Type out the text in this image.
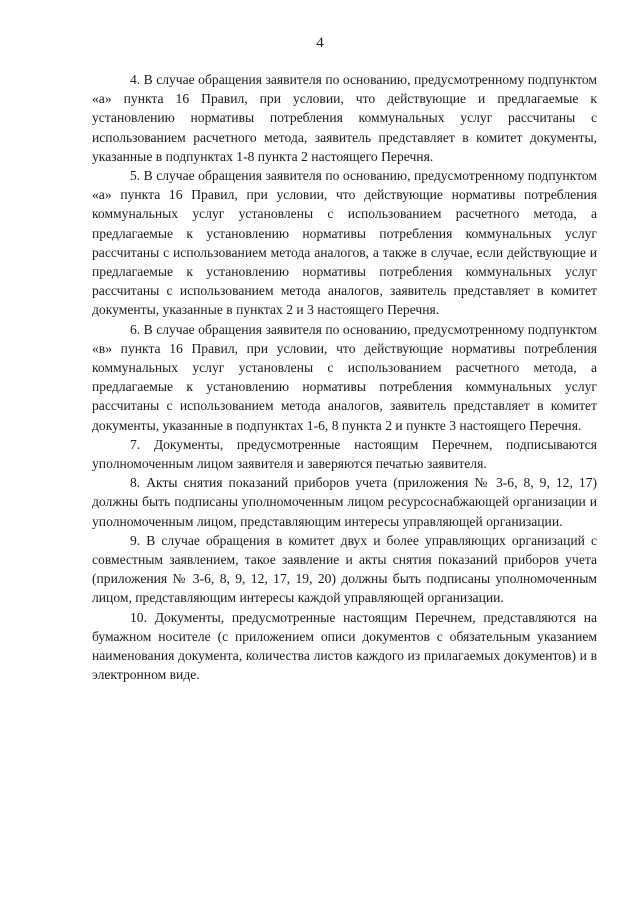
4

4. В случае обращения заявителя по основанию, предусмотренному подпунктом «а» пункта 16 Правил, при условии, что действующие и предлагаемые к установлению нормативы потребления коммунальных услуг рассчитаны с использованием расчетного метода, заявитель представляет в комитет документы, указанные в подпунктах 1-8 пункта 2 настоящего Перечня.

5. В случае обращения заявителя по основанию, предусмотренному подпунктом «а» пункта 16 Правил, при условии, что действующие нормативы потребления коммунальных услуг установлены с использованием расчетного метода, а предлагаемые к установлению нормативы потребления коммунальных услуг рассчитаны с использованием метода аналогов, а также в случае, если действующие и предлагаемые к установлению нормативы потребления коммунальных услуг рассчитаны с использованием метода аналогов, заявитель представляет в комитет документы, указанные в пунктах 2 и 3 настоящего Перечня.

6. В случае обращения заявителя по основанию, предусмотренному подпунктом «в» пункта 16 Правил, при условии, что действующие нормативы потребления коммунальных услуг установлены с использованием расчетного метода, а предлагаемые к установлению нормативы потребления коммунальных услуг рассчитаны с использованием метода аналогов, заявитель представляет в комитет документы, указанные в подпунктах 1-6, 8 пункта 2 и пункте 3 настоящего Перечня.

7. Документы, предусмотренные настоящим Перечнем, подписываются уполномоченным лицом заявителя и заверяются печатью заявителя.

8. Акты снятия показаний приборов учета (приложения № 3-6, 8, 9, 12, 17) должны быть подписаны уполномоченным лицом ресурсоснабжающей организации и уполномоченным лицом, представляющим интересы управляющей организации.

9. В случае обращения в комитет двух и более управляющих организаций с совместным заявлением, такое заявление и акты снятия показаний приборов учета (приложения № 3-6, 8, 9, 12, 17, 19, 20) должны быть подписаны уполномоченным лицом, представляющим интересы каждой управляющей организации.

10. Документы, предусмотренные настоящим Перечнем, представляются на бумажном носителе (с приложением описи документов с обязательным указанием наименования документа, количества листов каждого из прилагаемых документов) и в электронном виде.
